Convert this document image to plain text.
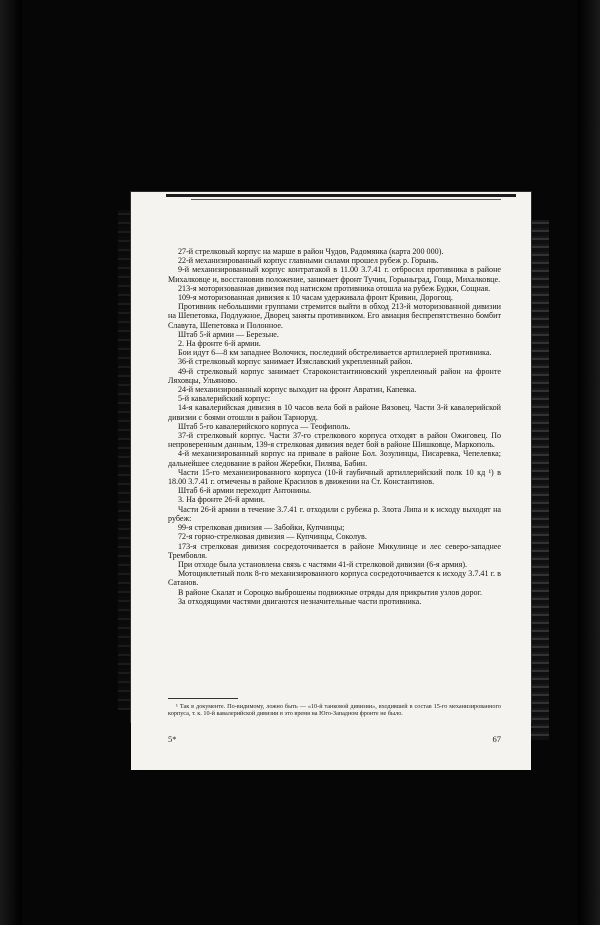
27-й стрелковый корпус на марше в район Чудов, Радомянка (карта 200 000).

22-й механизированный корпус главными силами прошел рубеж р. Горынь.

9-й механизированный корпус контратакой в 11.00 3.7.41 г. отбросил противника в районе Михалковце и, восстановив положение, занимает фронт Тучин, Горыньград, Гоща, Михалковце.

213-я моторизованная дивизия под натиском противника отошла на рубеж Будки, Сощная.

109-я моторизованная дивизия к 10 часам удерживала фронт Кривин, Дорогощ.

Противник небольшими группами стремится выйти в обход 213-й моторизованной дивизии на Шепетовка, Подлужное, Дворец заняты противником. Его авиация беспрепятственно бомбит Славута, Шепетовка и Полонное.

Штаб 5-й армии — Березьне.

2. На фронте 6-й армии.

Бои идут 6—8 км западнее Волочиск, последний обстреливается артиллерией противника.

36-й стрелковый корпус занимает Изяславский укрепленный район.

49-й стрелковый корпус занимает Староконстантиновский укрепленный район на фронте Ляховцы, Ульяново.

24-й механизированный корпус выходит на фронт Авратин, Капевка.

5-й кавалерийский корпус:

14-я кавалерийская дивизия в 10 часов вела бой в районе Вязовец. Части 3-й кавалерийской дивизии с боями отошли в район Тарноруд.

Штаб 5-го кавалерийского корпуса — Теофиполь.

37-й стрелковый корпус. Части 37-го стрелкового корпуса отходят в район Ожиговец. По непроверенным данным, 139-я стрелковая дивизия ведет бой в районе Шишковце, Маркополь.

4-й механизированный корпус на привале в районе Бол. Зозулинцы, Писаревка, Чепелевка; дальнейшее следование в район Жеребки, Пилява, Бабин.

Части 15-го механизированного корпуса (10-й гаубичный артиллерийский полк 10 кд ¹) в 18.00 3.7.41 г. отмечены в районе Красилов в движении на Ст. Константинов.

Штаб 6-й армии переходит Антонины.

3. На фронте 26-й армии.

Части 26-й армии в течение 3.7.41 г. отходили с рубежа р. Злота Липа и к исходу выходят на рубеж:

99-я стрелковая дивизия — Забойки, Купчинцы;

72-я горно-стрелковая дивизия — Купчинцы, Соколув.

173-я стрелковая дивизия сосредоточивается в районе Микулинце и лес северо-западнее Трембовля.

При отходе была установлена связь с частями 41-й стрелковой дивизии (6-я армия).

Мотоциклетный полк 8-го механизированного корпуса сосредоточивается к исходу 3.7.41 г. в Сатанов.

В районе Скалат и Сороцко выброшены подвижные отряды для прикрытия узлов дорог.

За отходящими частями двигаются незначительные части противника.

¹ Так в документе. По-видимому, ложно быть — «10-й танковой дивизии», входившей в состав 15-го механизированного корпуса, т. к. 10-й кавалерийской дивизии в это время на Юго-Западном фронте не было.

5*	67
